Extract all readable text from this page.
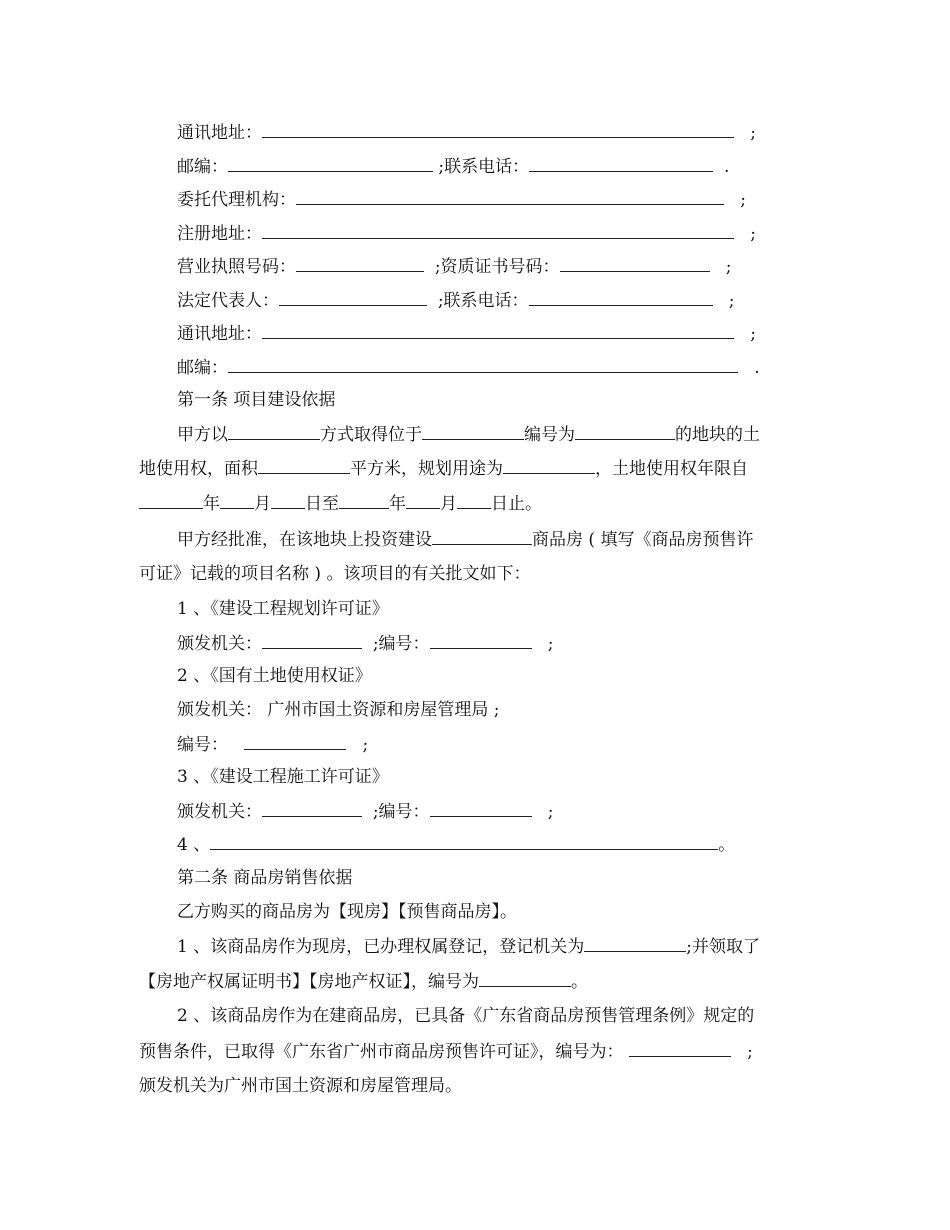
通讯地址：	;
邮编：	;联系电话：	.
委托代理机构：	;
注册地址：	;
营业执照号码：	;资质证书号码：	;
法定代表人：	;联系电话：	;
通讯地址：	;
邮编：	.
第一条 项目建设依据
甲方以	方式取得位于	编号为	的地块的土
地使用权，面积	平方米，规划用途为	，土地使用权年限自
年 月 日至	年 月 日止。
甲方经批准，在该地块上投资建设	商品房 ( 填写《商品房预售许
可证》记载的项目名称 ) 。该项目的有关批文如下：
1 、《建设工程规划许可证》
颁发机关：	;编号：	;
2 、《国有土地使用权证》
颁发机关： 广州市国土资源和房屋管理局 ;
编号：	;
3 、《建设工程施工许可证》
颁发机关：	;编号：	;
4 、	。
第二条 商品房销售依据
乙方购买的商品房为【现房】【预售商品房】。
1 、该商品房作为现房，已办理权属登记，登记机关为	;并领取了
【房地产权属证明书】【房地产权证】，编号为	。
2 、该商品房作为在建商品房，已具备《广东省商品房预售管理条例》规定的
预售条件，已取得《广东省广州市商品房预售许可证》，编号为：	;
颁发机关为广州市国土资源和房屋管理局。
